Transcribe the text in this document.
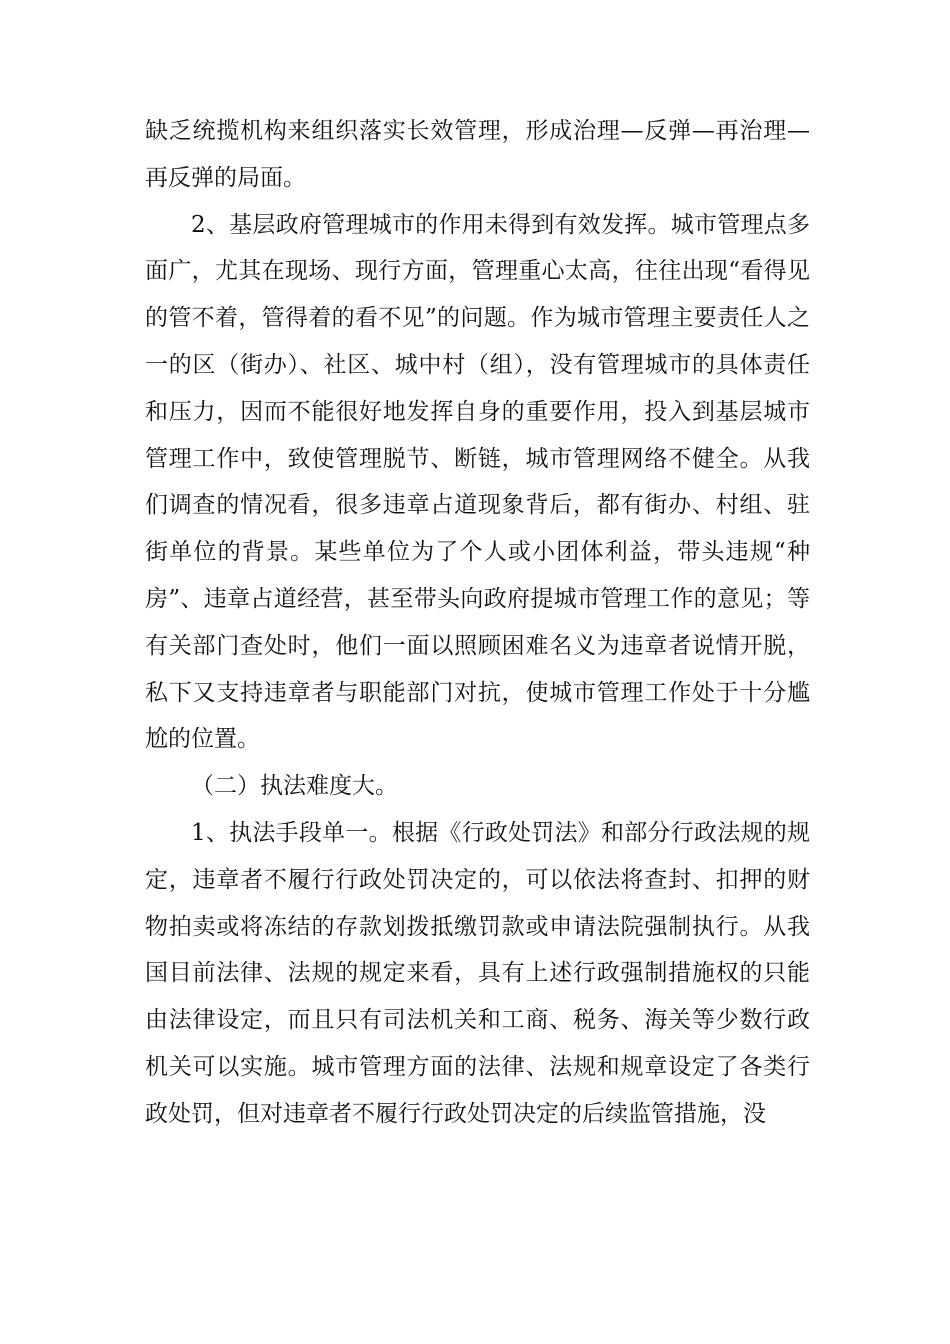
缺乏统揽机构来组织落实长效管理，形成治理—反弹—再治理—再反弹的局面。

2、基层政府管理城市的作用未得到有效发挥。城市管理点多面广，尤其在现场、现行方面，管理重心太高，往往出现“看得见的管不着，管得着的看不见”的问题。作为城市管理主要责任人之一的区（街办）、社区、城中村（组），没有管理城市的具体责任和压力，因而不能很好地发挥自身的重要作用，投入到基层城市管理工作中，致使管理脱节、断链，城市管理网络不健全。从我们调查的情况看，很多违章占道现象背后，都有街办、村组、驻街单位的背景。某些单位为了个人或小团体利益，带头违规“种房”、违章占道经营，甚至带头向政府提城市管理工作的意见；等有关部门查处时，他们一面以照顾困难名义为违章者说情开脱，私下又支持违章者与职能部门对抗，使城市管理工作处于十分尴尬的位置。

（二）执法难度大。

1、执法手段单一。根据《行政处罚法》和部分行政法规的规定，违章者不履行行政处罚决定的，可以依法将查封、扣押的财物拍卖或将冻结的存款划拨抵缴罚款或申请法院强制执行。从我国目前法律、法规的规定来看，具有上述行政强制措施权的只能由法律设定，而且只有司法机关和工商、税务、海关等少数行政机关可以实施。城市管理方面的法律、法规和规章设定了各类行政处罚，但对违章者不履行行政处罚决定的后续监管措施，没
